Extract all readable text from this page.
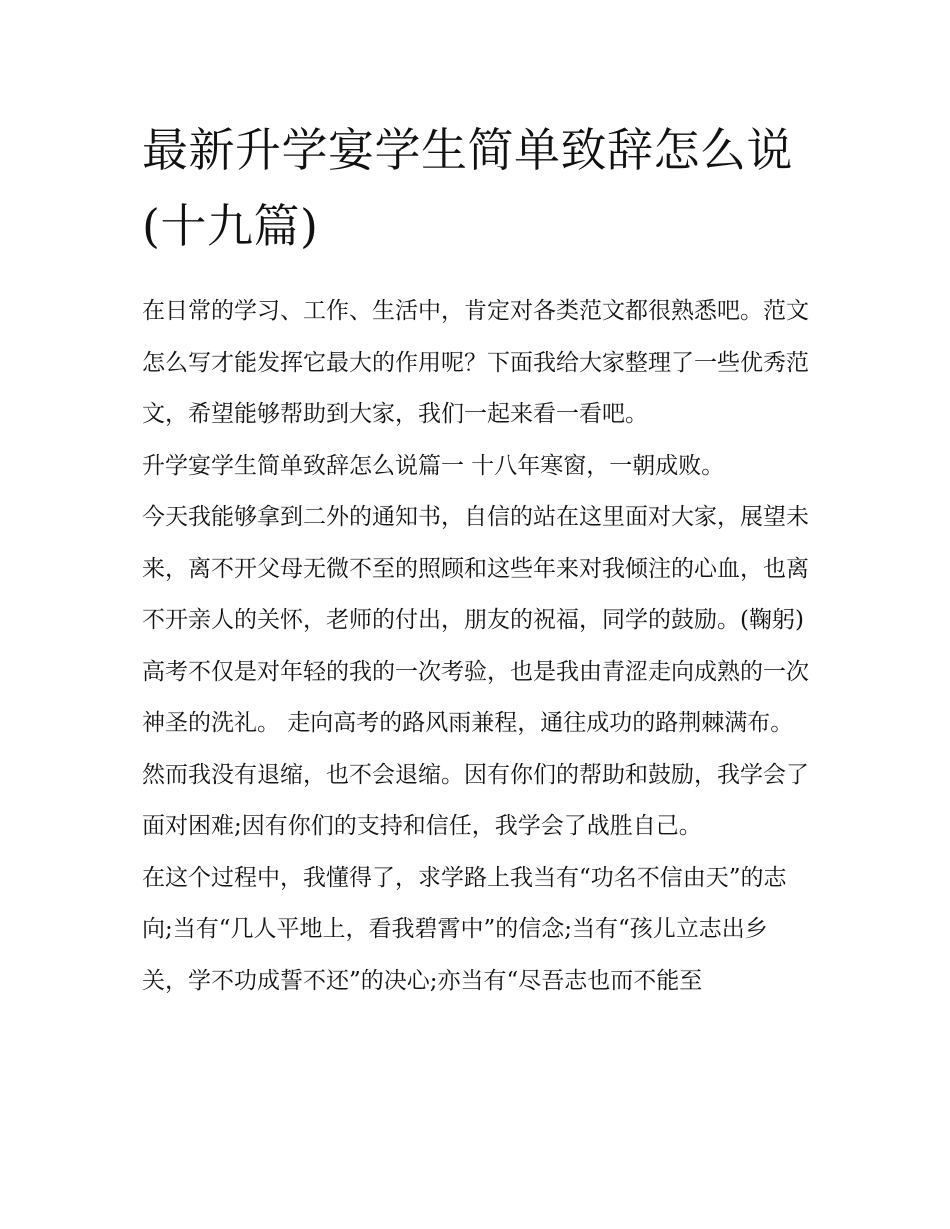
最新升学宴学生简单致辞怎么说(十九篇)

在日常的学习、工作、生活中，肯定对各类范文都很熟悉吧。范文怎么写才能发挥它最大的作用呢？下面我给大家整理了一些优秀范文，希望能够帮助到大家，我们一起来看一看吧。

升学宴学生简单致辞怎么说篇一 十八年寒窗，一朝成败。

今天我能够拿到二外的通知书，自信的站在这里面对大家，展望未来，离不开父母无微不至的照顾和这些年来对我倾注的心血，也离不开亲人的关怀，老师的付出，朋友的祝福，同学的鼓励。(鞠躬)

高考不仅是对年轻的我的一次考验，也是我由青涩走向成熟的一次神圣的洗礼。 走向高考的路风雨兼程，通往成功的路荆棘满布。

然而我没有退缩，也不会退缩。因有你们的帮助和鼓励，我学会了面对困难;因有你们的支持和信任，我学会了战胜自己。

在这个过程中，我懂得了，求学路上我当有“功名不信由天”的志向;当有“几人平地上，看我碧霄中”的信念;当有“孩儿立志出乡关，学不功成誓不还”的决心;亦当有“尽吾志也而不能至
